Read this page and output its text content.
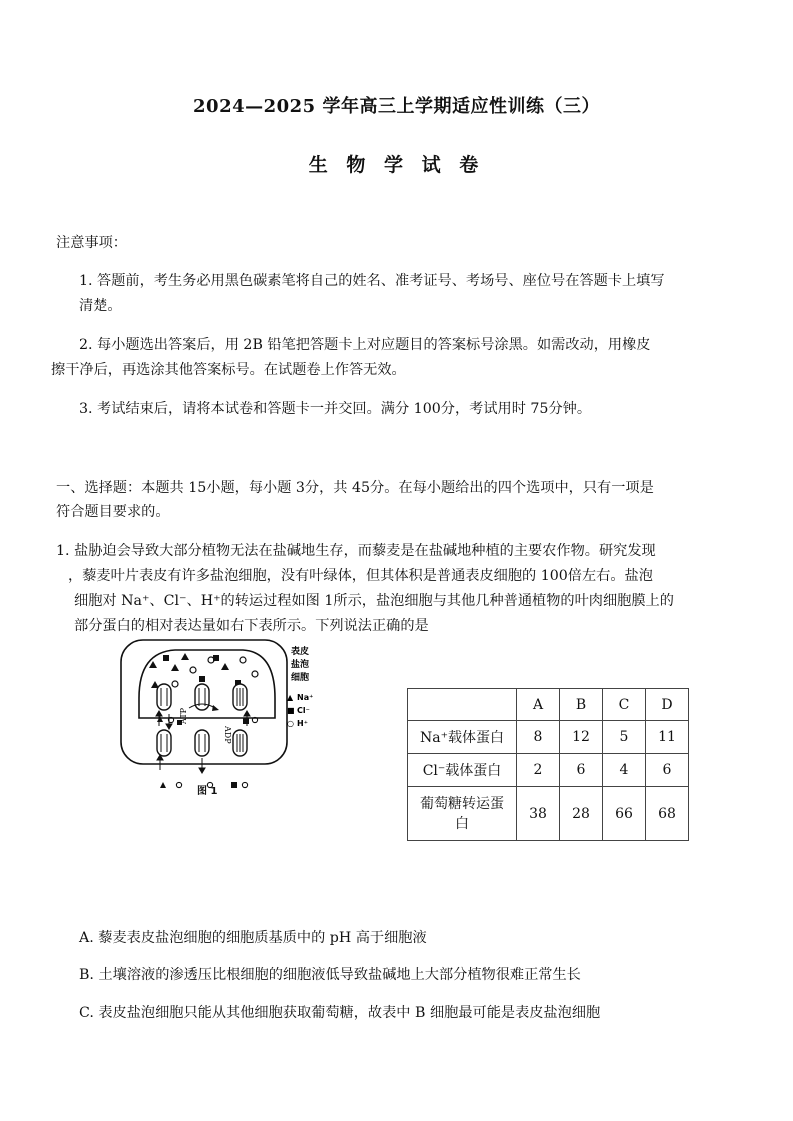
2024—2025 学年高三上学期适应性训练（三）
生 物 学 试 卷
注意事项：
1. 答题前，考生务必用黑色碳素笔将自己的姓名、准考证号、考场号、座位号在答题卡上填写
清楚。
2. 每小题选出答案后，用 2B 铅笔把答题卡上对应题目的答案标号涂黑。如需改动，用橡皮
擦干净后，再选涂其他答案标号。在试题卷上作答无效。
3. 考试结束后，请将本试卷和答题卡一并交回。满分 100分，考试用时 75分钟。
一、选择题：本题共 15小题，每小题 3分，共 45分。在每小题给出的四个选项中，只有一项是
符合题目要求的。
1. 盐胁迫会导致大部分植物无法在盐碱地生存，而藜麦是在盐碱地种植的主要农作物。研究发现
，藜麦叶片表皮有许多盐泡细胞，没有叶绿体，但其体积是普通表皮细胞的 100倍左右。盐泡
细胞对 Na⁺、Cl⁻、H⁺的转运过程如图 1所示，盐泡细胞与其他几种普通植物的叶肉细胞膜上的
部分蛋白的相对表达量如右下表所示。下列说法正确的是
ATP
ADP
表皮
盐泡
细胞
▲ Na⁺
■ Cl⁻
○ H⁺
图 1
	A	B	C	D
Na⁺载体蛋白	8	12	5	11
Cl⁻载体蛋白	2	6	4	6

葡萄糖转运蛋
白	38	28	66	68
A. 藜麦表皮盐泡细胞的细胞质基质中的 pH 高于细胞液
B. 土壤溶液的渗透压比根细胞的细胞液低导致盐碱地上大部分植物很难正常生长
C. 表皮盐泡细胞只能从其他细胞获取葡萄糖，故表中 B 细胞最可能是表皮盐泡细胞
